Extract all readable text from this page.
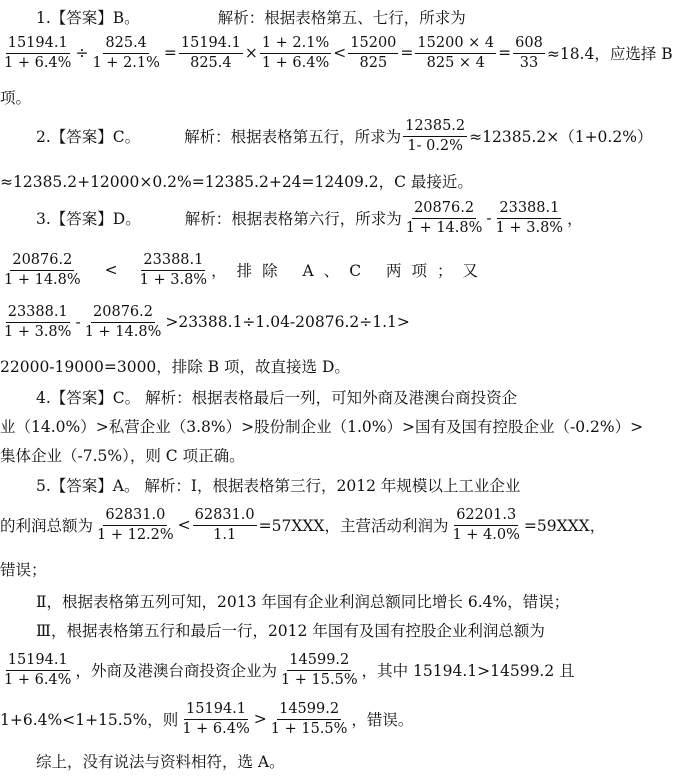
1.【答案】B。	解析：根据表格第五、七行，所求为
$\frac{15194.1}{1 + 6.4\%} \div \frac{825.4}{1 + 2.1\%} = \frac{15194.1}{825.4} \times \frac{1 + 2.1\%}{1 + 6.4\%} < \frac{15200}{825} = \frac{15200 \times 4}{825 \times 4} = \frac{608}{33} \approx 18.4$，应选择 B
项。
2.【答案】C。	解析：根据表格第五行，所求为 $\frac{12385.2}{1- 0.2\%} \approx 12385.2\times(1+0.2\%)$
≈12385.2+12000×0.2%=12385.2+24=12409.2，C 最接近。
3.【答案】D。	解析：根据表格第六行，所求为 $\frac{20876.2}{1 + 14.8\%} - \frac{23388.1}{1 + 3.8\%}$ ，
$\frac{20876.2}{1 + 14.8\%} < \frac{23388.1}{1 + 3.8\%}$ ，排除 A、C 两项；又
$\frac{23388.1}{1 + 3.8\%} - \frac{20876.2}{1 + 14.8\%} >23388.1\div 1.04-20876.2\div 1.1>$
22000-19000=3000，排除 B 项，故直接选 D。
4.【答案】C。 解析：根据表格最后一列，可知外商及港澳台商投资企
业（14.0%）>私营企业（3.8%）>股份制企业（1.0%）>国有及国有控股企业（-0.2%）>
集体企业（-7.5%），则 C 项正确。
5.【答案】A。 解析：Ⅰ，根据表格第三行，2012 年规模以上工业企业
的利润总额为 $\frac{62831.0}{1 + 12.2\%} < \frac{62831.0}{1.1} =57XXX$，主营活动利润为 $\frac{62201.3}{1 + 4.0\%} =59XXX$，
错误；
Ⅱ，根据表格第五列可知，2013 年国有企业利润总额同比增长 6.4%，错误；
Ⅲ，根据表格第五行和最后一行，2012 年国有及国有控股企业利润总额为
$\frac{15194.1}{1 + 6.4\%}$ ，外商及港澳台商投资企业为 $\frac{14599.2}{1 + 15.5\%}$ ，其中 15194.1>14599.2 且
1+6.4%<1+15.5%，则 $\frac{15194.1}{1 + 6.4\%} > \frac{14599.2}{1 + 15.5\%}$ ，错误。
综上，没有说法与资料相符，选 A。
